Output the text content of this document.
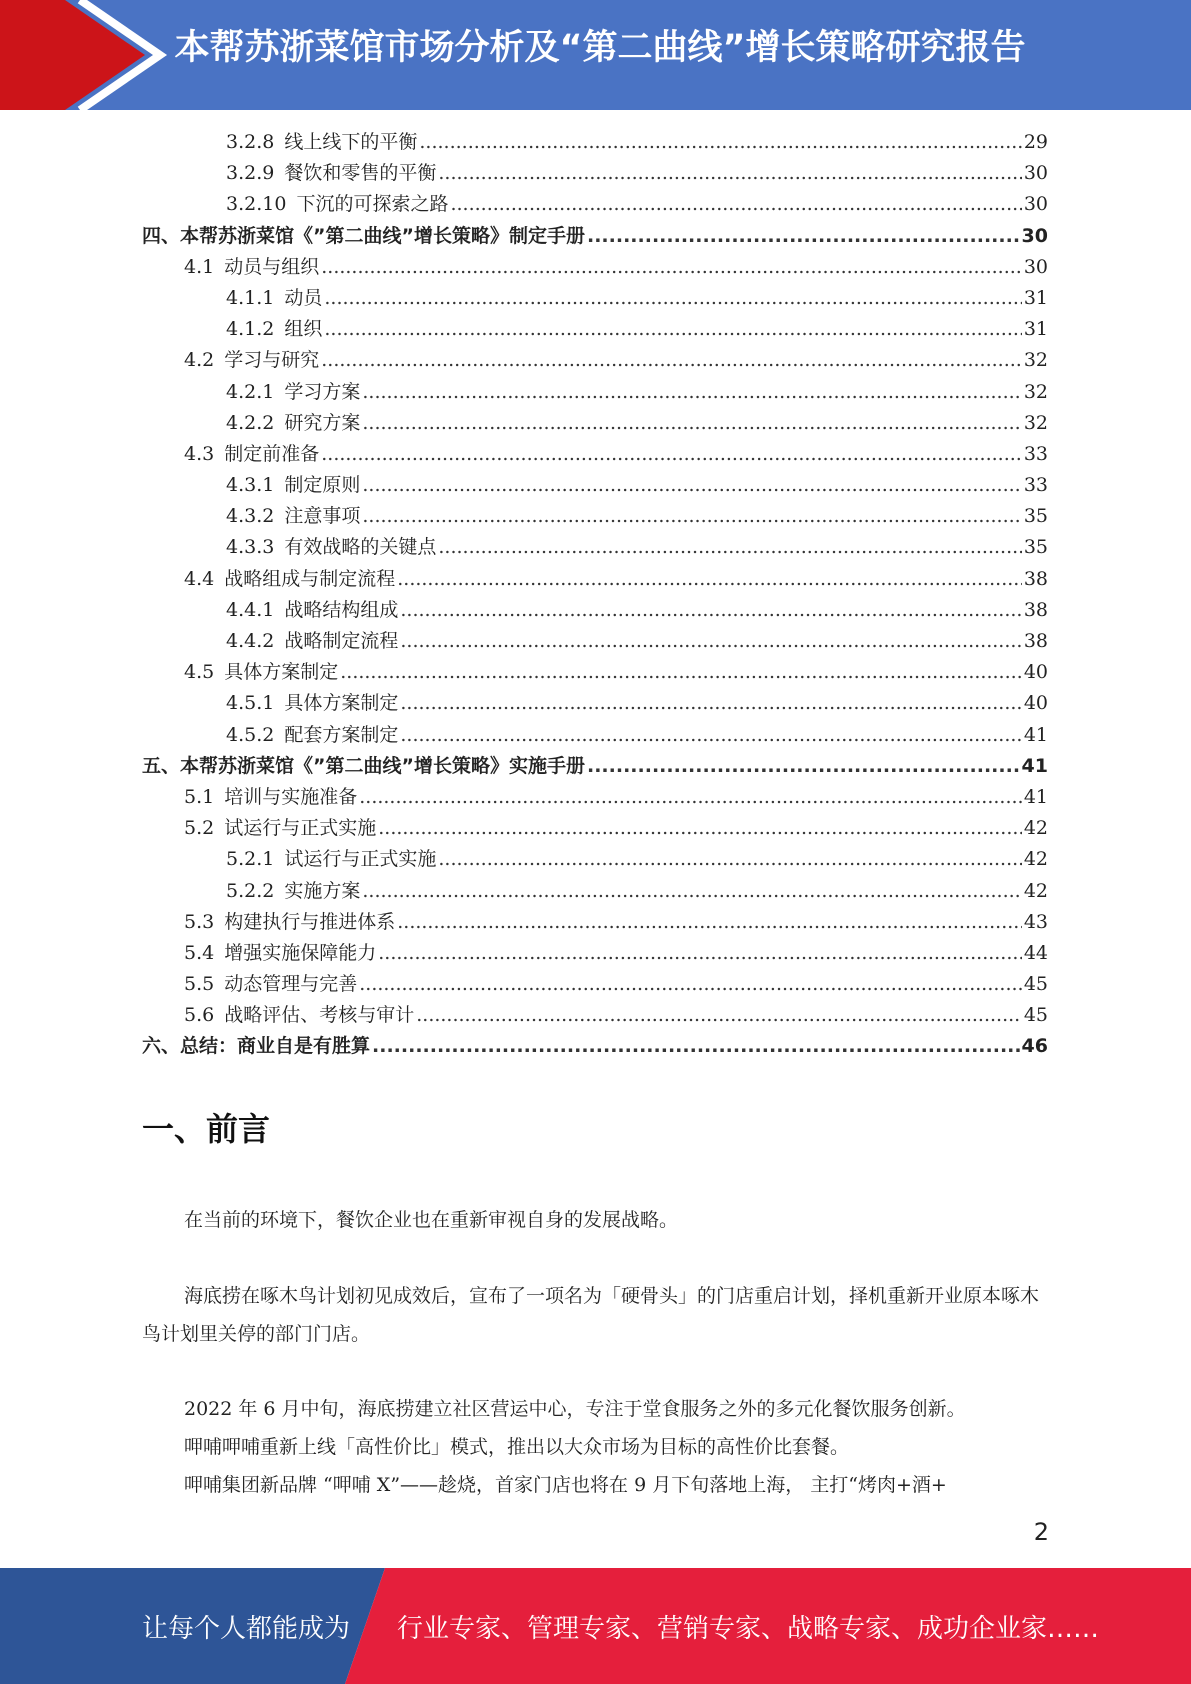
本帮苏浙菜馆市场分析及“第二曲线”增长策略研究报告
3.2.8 线上线下的平衡 .....	29
3.2.9 餐饮和零售的平衡 .....	30
3.2.10 下沉的可探索之路 .....	30
四、本帮苏浙菜馆《”第二曲线”增长策略》制定手册 .....	30
4.1 动员与组织 .....	30
4.1.1 动员 .....	31
4.1.2 组织 .....	31
4.2 学习与研究 .....	32
4.2.1 学习方案 .....	32
4.2.2 研究方案 .....	32
4.3 制定前准备 .....	33
4.3.1 制定原则 .....	33
4.3.2 注意事项 .....	35
4.3.3 有效战略的关键点 .....	35
4.4 战略组成与制定流程 .....	38
4.4.1 战略结构组成 .....	38
4.4.2 战略制定流程 .....	38
4.5 具体方案制定 .....	40
4.5.1 具体方案制定 .....	40
4.5.2 配套方案制定 .....	41
五、本帮苏浙菜馆《”第二曲线”增长策略》实施手册 .....	41
5.1 培训与实施准备 .....	41
5.2 试运行与正式实施 .....	42
5.2.1 试运行与正式实施 .....	42
5.2.2 实施方案 .....	42
5.3 构建执行与推进体系 .....	43
5.4 增强实施保障能力 .....	44
5.5 动态管理与完善 .....	45
5.6 战略评估、考核与审计 .....	45
六、总结：商业自是有胜算 .....	46
一、前言
在当前的环境下，餐饮企业也在重新审视自身的发展战略。
海底捞在啄木鸟计划初见成效后，宣布了一项名为「硬骨头」的门店重启计划，择机重新开业原本啄木鸟计划里关停的部门门店。
2022 年 6 月中旬，海底捞建立社区营运中心，专注于堂食服务之外的多元化餐饮服务创新。
呷哺呷哺重新上线「高性价比」模式，推出以大众市场为目标的高性价比套餐。
呷哺集团新品牌 “呷哺 X”——趁烧，首家门店也将在 9 月下旬落地上海， 主打“烤肉+酒+
2
让每个人都能成为 行业专家、管理专家、营销专家、战略专家、成功企业家……
